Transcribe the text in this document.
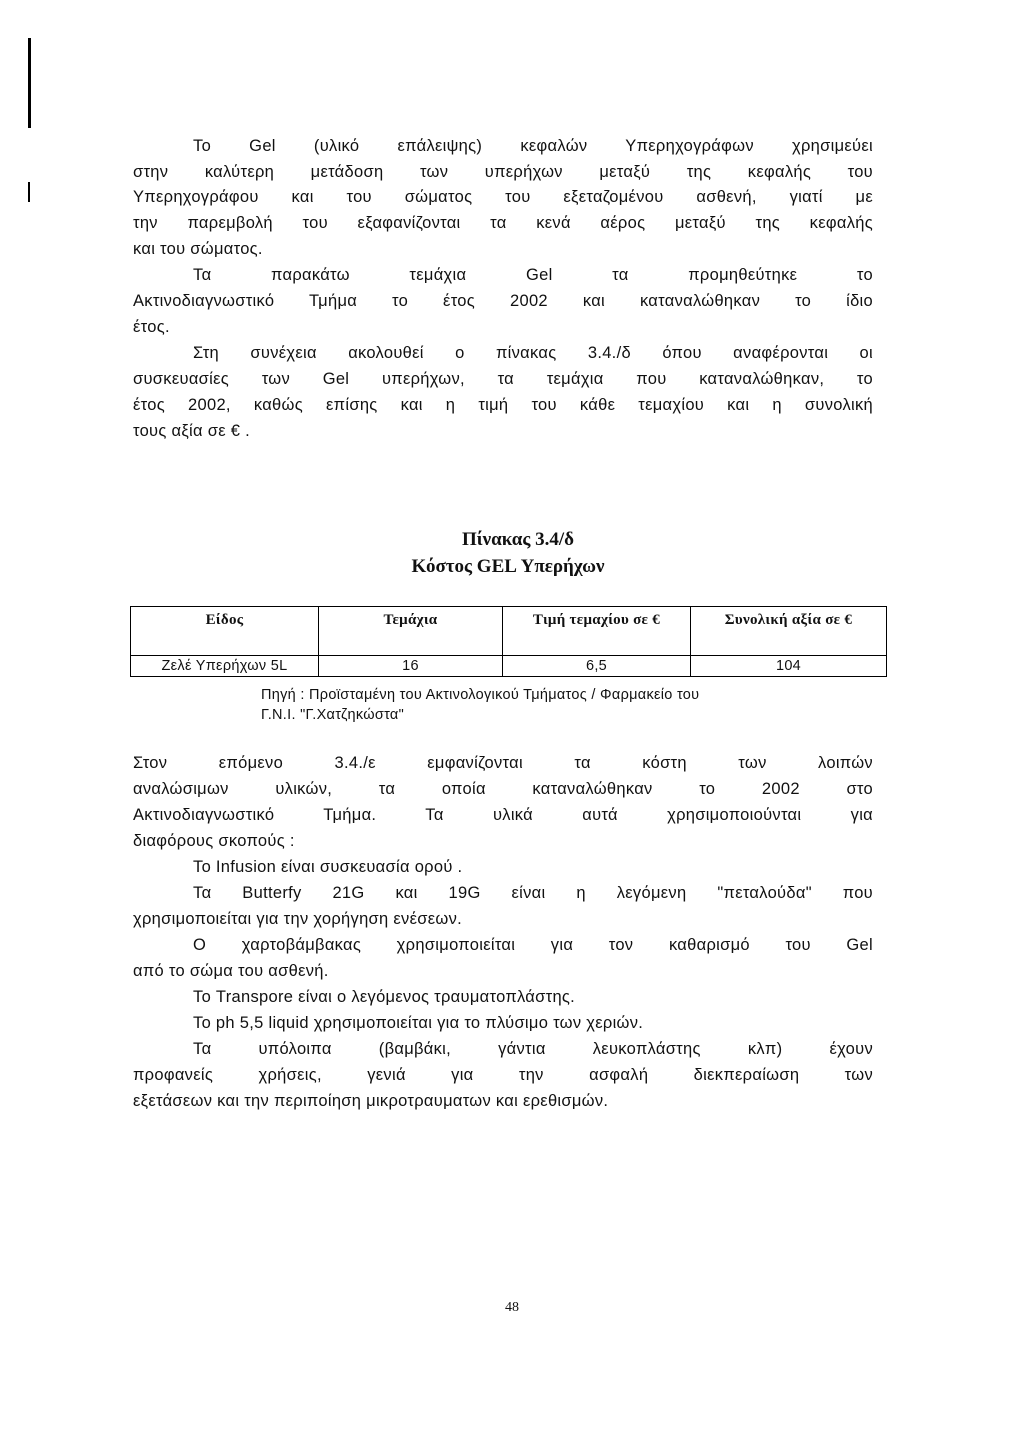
Το Gel (υλικό επάλειψης) κεφαλών Υπερηχογράφων χρησιμεύει
στην καλύτερη μετάδοση των υπερήχων μεταξύ της κεφαλής του
Υπερηχογράφου και του σώματος του εξεταζομένου ασθενή, γιατί με
την παρεμβολή του εξαφανίζονται τα κενά αέρος μεταξύ της κεφαλής
και του σώματος.
Τα παρακάτω τεμάχια Gel τα προμηθεύτηκε το
Ακτινοδιαγνωστικό Τμήμα το έτος 2002 και καταναλώθηκαν το ίδιο
έτος.
Στη συνέχεια ακολουθεί ο πίνακας 3.4./δ όπου αναφέρονται οι
συσκευασίες των Gel υπερήχων, τα τεμάχια που καταναλώθηκαν, το
έτος 2002, καθώς επίσης και η τιμή του κάθε τεμαχίου και η συνολική
τους αξία σε € .
Πίνακας 3.4/δ
Κόστος GEL Υπερήχων
Είδος	Τεμάχια	Τιμή τεμαχίου σε €	Συνολική αξία σε €
Ζελέ Υπερήχων 5L	16	6,5	104
Πηγή : Προϊσταμένη του Ακτινολογικού Τμήματος / Φαρμακείο του
Γ.Ν.Ι. "Γ.Χατζηκώστα"
Στον επόμενο 3.4./ε εμφανίζονται τα κόστη των λοιπών
αναλώσιμων υλικών, τα οποία καταναλώθηκαν το 2002 στο
Ακτινοδιαγνωστικό Τμήμα. Τα υλικά αυτά χρησιμοποιούνται για
διαφόρους σκοπούς :
Το Infusion είναι συσκευασία ορού .
Τα Butterfy 21G και 19G είναι η λεγόμενη "πεταλούδα" που
χρησιμοποιείται για την χορήγηση ενέσεων.
Ο χαρτοβάμβακας χρησιμοποιείται για τον καθαρισμό του Gel
από το σώμα του ασθενή.
Το Transpore είναι ο λεγόμενος τραυματοπλάστης.
Το ph 5,5 liquid χρησιμοποιείται για το πλύσιμο των χεριών.
Τα υπόλοιπα (βαμβάκι, γάντια λευκοπλάστης κλπ) έχουν
προφανείς χρήσεις, γενιά για την ασφαλή διεκπεραίωση των
εξετάσεων και την περιποίηση μικροτραυματων και ερεθισμών.
48
